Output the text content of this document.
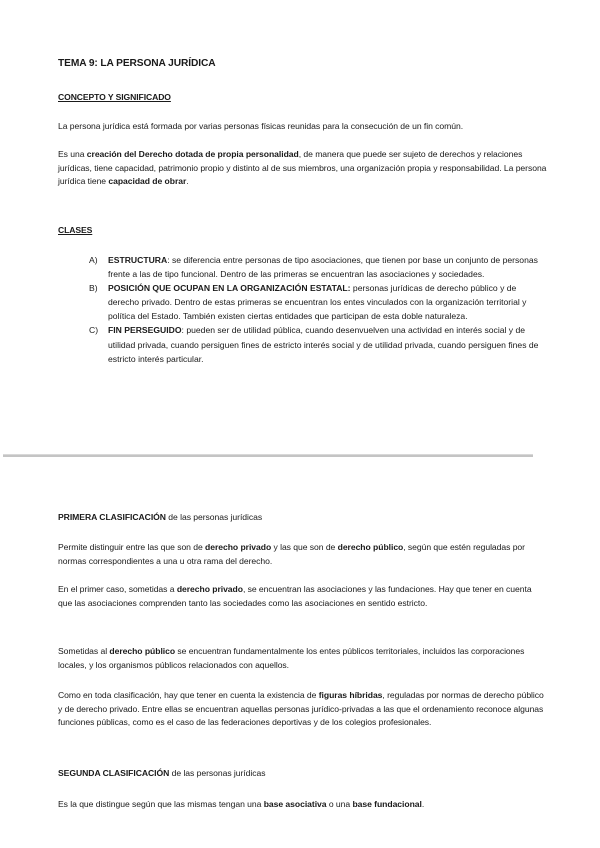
TEMA 9: LA PERSONA JURÍDICA
CONCEPTO Y SIGNIFICADO
La persona jurídica está formada por varias personas físicas reunidas para la consecución de un fin común.
Es una creación del Derecho dotada de propia personalidad, de manera que puede ser sujeto de derechos y relaciones jurídicas, tiene capacidad, patrimonio propio y distinto al de sus miembros, una organización propia y responsabilidad. La persona jurídica tiene capacidad de obrar.
CLASES
A)	ESTRUCTURA: se diferencia entre personas de tipo asociaciones, que tienen por base un conjunto de personas frente a las de tipo funcional. Dentro de las primeras se encuentran las asociaciones y sociedades.
B)	POSICIÓN QUE OCUPAN EN LA ORGANIZACIÓN ESTATAL: personas jurídicas de derecho público y de derecho privado. Dentro de estas primeras se encuentran los entes vinculados con la organización territorial y política del Estado. También existen ciertas entidades que participan de esta doble naturaleza.
C)	FIN PERSEGUIDO: pueden ser de utilidad pública, cuando desenvuelven una actividad en interés social y de utilidad privada, cuando persiguen fines de estricto interés social y de utilidad privada, cuando persiguen fines de estricto interés particular.
PRIMERA CLASIFICACIÓN de las personas jurídicas
Permite distinguir entre las que son de derecho privado y las que son de derecho público, según que estén reguladas por normas correspondientes a una u otra rama del derecho.
En el primer caso, sometidas a derecho privado, se encuentran las asociaciones y las fundaciones. Hay que tener en cuenta que las asociaciones comprenden tanto las sociedades como las asociaciones en sentido estricto.
Sometidas al derecho público se encuentran fundamentalmente los entes públicos territoriales, incluidos las corporaciones locales, y los organismos públicos relacionados con aquellos.
Como en toda clasificación, hay que tener en cuenta la existencia de figuras híbridas, reguladas por normas de derecho público y de derecho privado. Entre ellas se encuentran aquellas personas jurídico-privadas a las que el ordenamiento reconoce algunas funciones públicas, como es el caso de las federaciones deportivas y de los colegios profesionales.
SEGUNDA CLASIFICACIÓN de las personas jurídicas
Es la que distingue según que las mismas tengan una base asociativa o una base fundacional.
